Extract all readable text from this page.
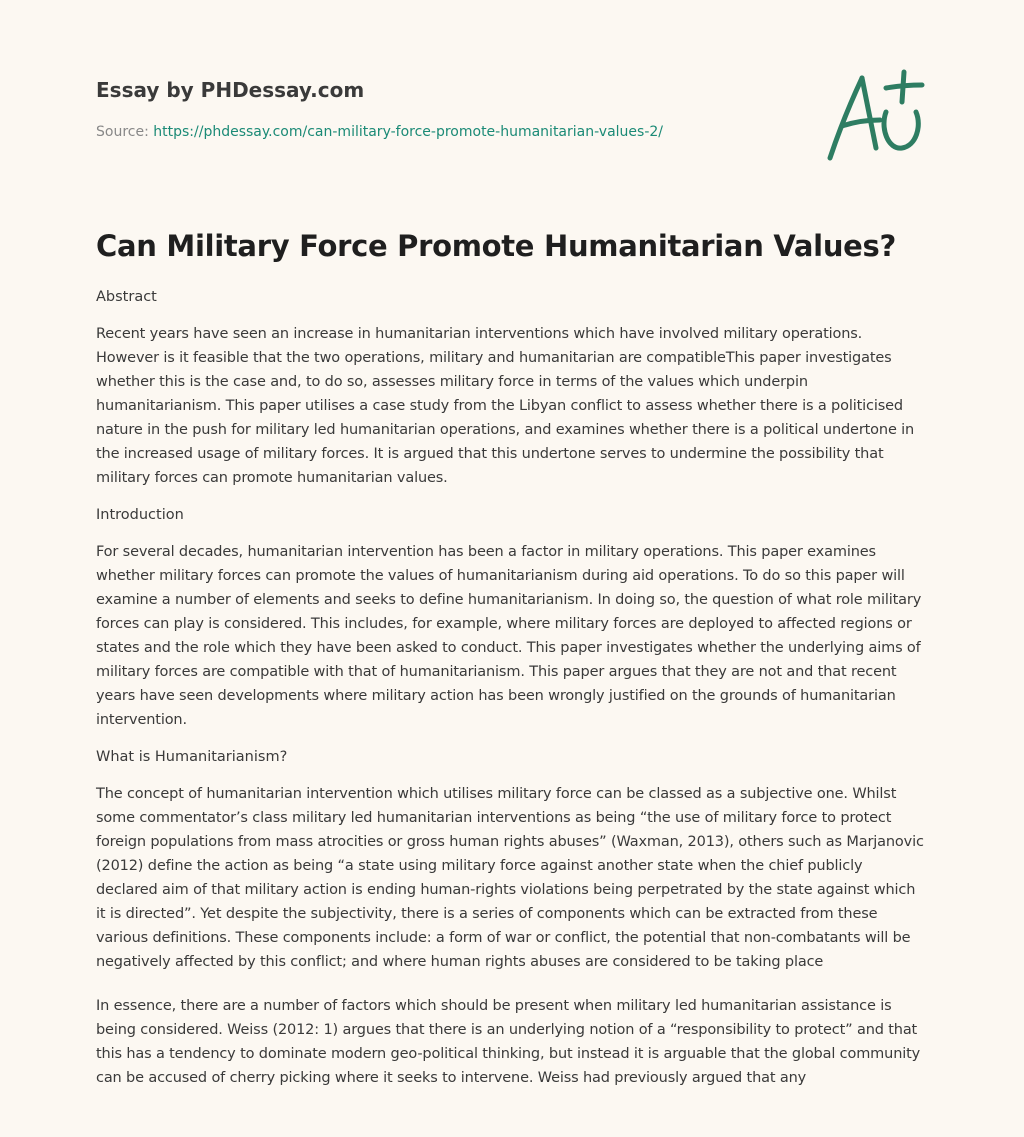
Essay by PHDessay.com
Source: https://phdessay.com/can-military-force-promote-humanitarian-values-2/
Can Military Force Promote Humanitarian Values?

Abstract

Recent years have seen an increase in humanitarian interventions which have involved military operations. However is it feasible that the two operations, military and humanitarian are compatibleThis paper investigates whether this is the case and, to do so, assesses military force in terms of the values which underpin humanitarianism. This paper utilises a case study from the Libyan conflict to assess whether there is a politicised nature in the push for military led humanitarian operations, and examines whether there is a political undertone in the increased usage of military forces. It is argued that this undertone serves to undermine the possibility that military forces can promote humanitarian values.

Introduction

For several decades, humanitarian intervention has been a factor in military operations. This paper examines whether military forces can promote the values of humanitarianism during aid operations. To do so this paper will examine a number of elements and seeks to define humanitarianism. In doing so, the question of what role military forces can play is considered. This includes, for example, where military forces are deployed to affected regions or states and the role which they have been asked to conduct. This paper investigates whether the underlying aims of military forces are compatible with that of humanitarianism. This paper argues that they are not and that recent years have seen developments where military action has been wrongly justified on the grounds of humanitarian intervention.

What is Humanitarianism?

The concept of humanitarian intervention which utilises military force can be classed as a subjective one. Whilst some commentator’s class military led humanitarian interventions as being “the use of military force to protect foreign populations from mass atrocities or gross human rights abuses” (Waxman, 2013), others such as Marjanovic (2012) define the action as being “a state using military force against another state when the chief publicly declared aim of that military action is ending human-rights violations being perpetrated by the state against which it is directed”. Yet despite the subjectivity, there is a series of components which can be extracted from these various definitions. These components include: a form of war or conflict, the potential that non-combatants will be negatively affected by this conflict; and where human rights abuses are considered to be taking place

In essence, there are a number of factors which should be present when military led humanitarian assistance is being considered. Weiss (2012: 1) argues that there is an underlying notion of a “responsibility to protect” and that this has a tendency to dominate modern geo-political thinking, but instead it is arguable that the global community can be accused of cherry picking where it seeks to intervene. Weiss had previously argued that any
